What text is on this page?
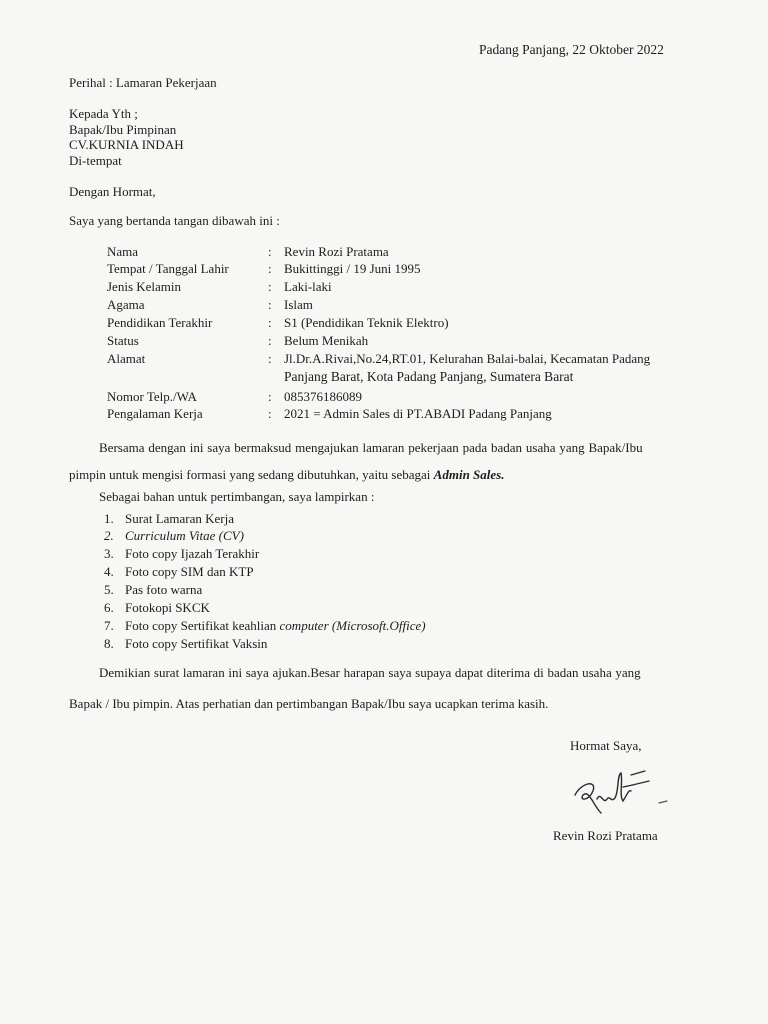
Padang Panjang, 22 Oktober 2022
Perihal : Lamaran Pekerjaan
Kepada Yth ;
Bapak/Ibu Pimpinan
CV.KURNIA INDAH
Di-tempat
Dengan Hormat,
Saya yang bertanda tangan dibawah ini :
Nama	: Revin Rozi Pratama
Tempat / Tanggal Lahir	: Bukittinggi / 19 Juni 1995
Jenis Kelamin	: Laki-laki
Agama	: Islam
Pendidikan Terakhir	: S1 (Pendidikan Teknik Elektro)
Status	: Belum Menikah
Alamat	: Jl.Dr.A.Rivai,No.24,RT.01, Kelurahan Balai-balai, Kecamatan Padang
Panjang Barat, Kota Padang Panjang, Sumatera Barat
Nomor Telp./WA	: 085376186089
Pengalaman Kerja	: 2021 = Admin Sales di PT.ABADI Padang Panjang
Bersama dengan ini saya bermaksud mengajukan lamaran pekerjaan pada badan usaha yang Bapak/Ibu
pimpin untuk mengisi formasi yang sedang dibutuhkan, yaitu sebagai Admin Sales.
Sebagai bahan untuk pertimbangan, saya lampirkan :
1. Surat Lamaran Kerja
2. Curriculum Vitae (CV)
3. Foto copy Ijazah Terakhir
4. Foto copy SIM dan KTP
5. Pas foto warna
6. Fotokopi SKCK
7. Foto copy Sertifikat keahlian computer (Microsoft.Office)
8. Foto copy Sertifikat Vaksin
Demikian surat lamaran ini saya ajukan.Besar harapan saya supaya dapat diterima di badan usaha yang
Bapak / Ibu pimpin. Atas perhatian dan pertimbangan Bapak/Ibu saya ucapkan terima kasih.
Hormat Saya,
Revin Rozi Pratama
